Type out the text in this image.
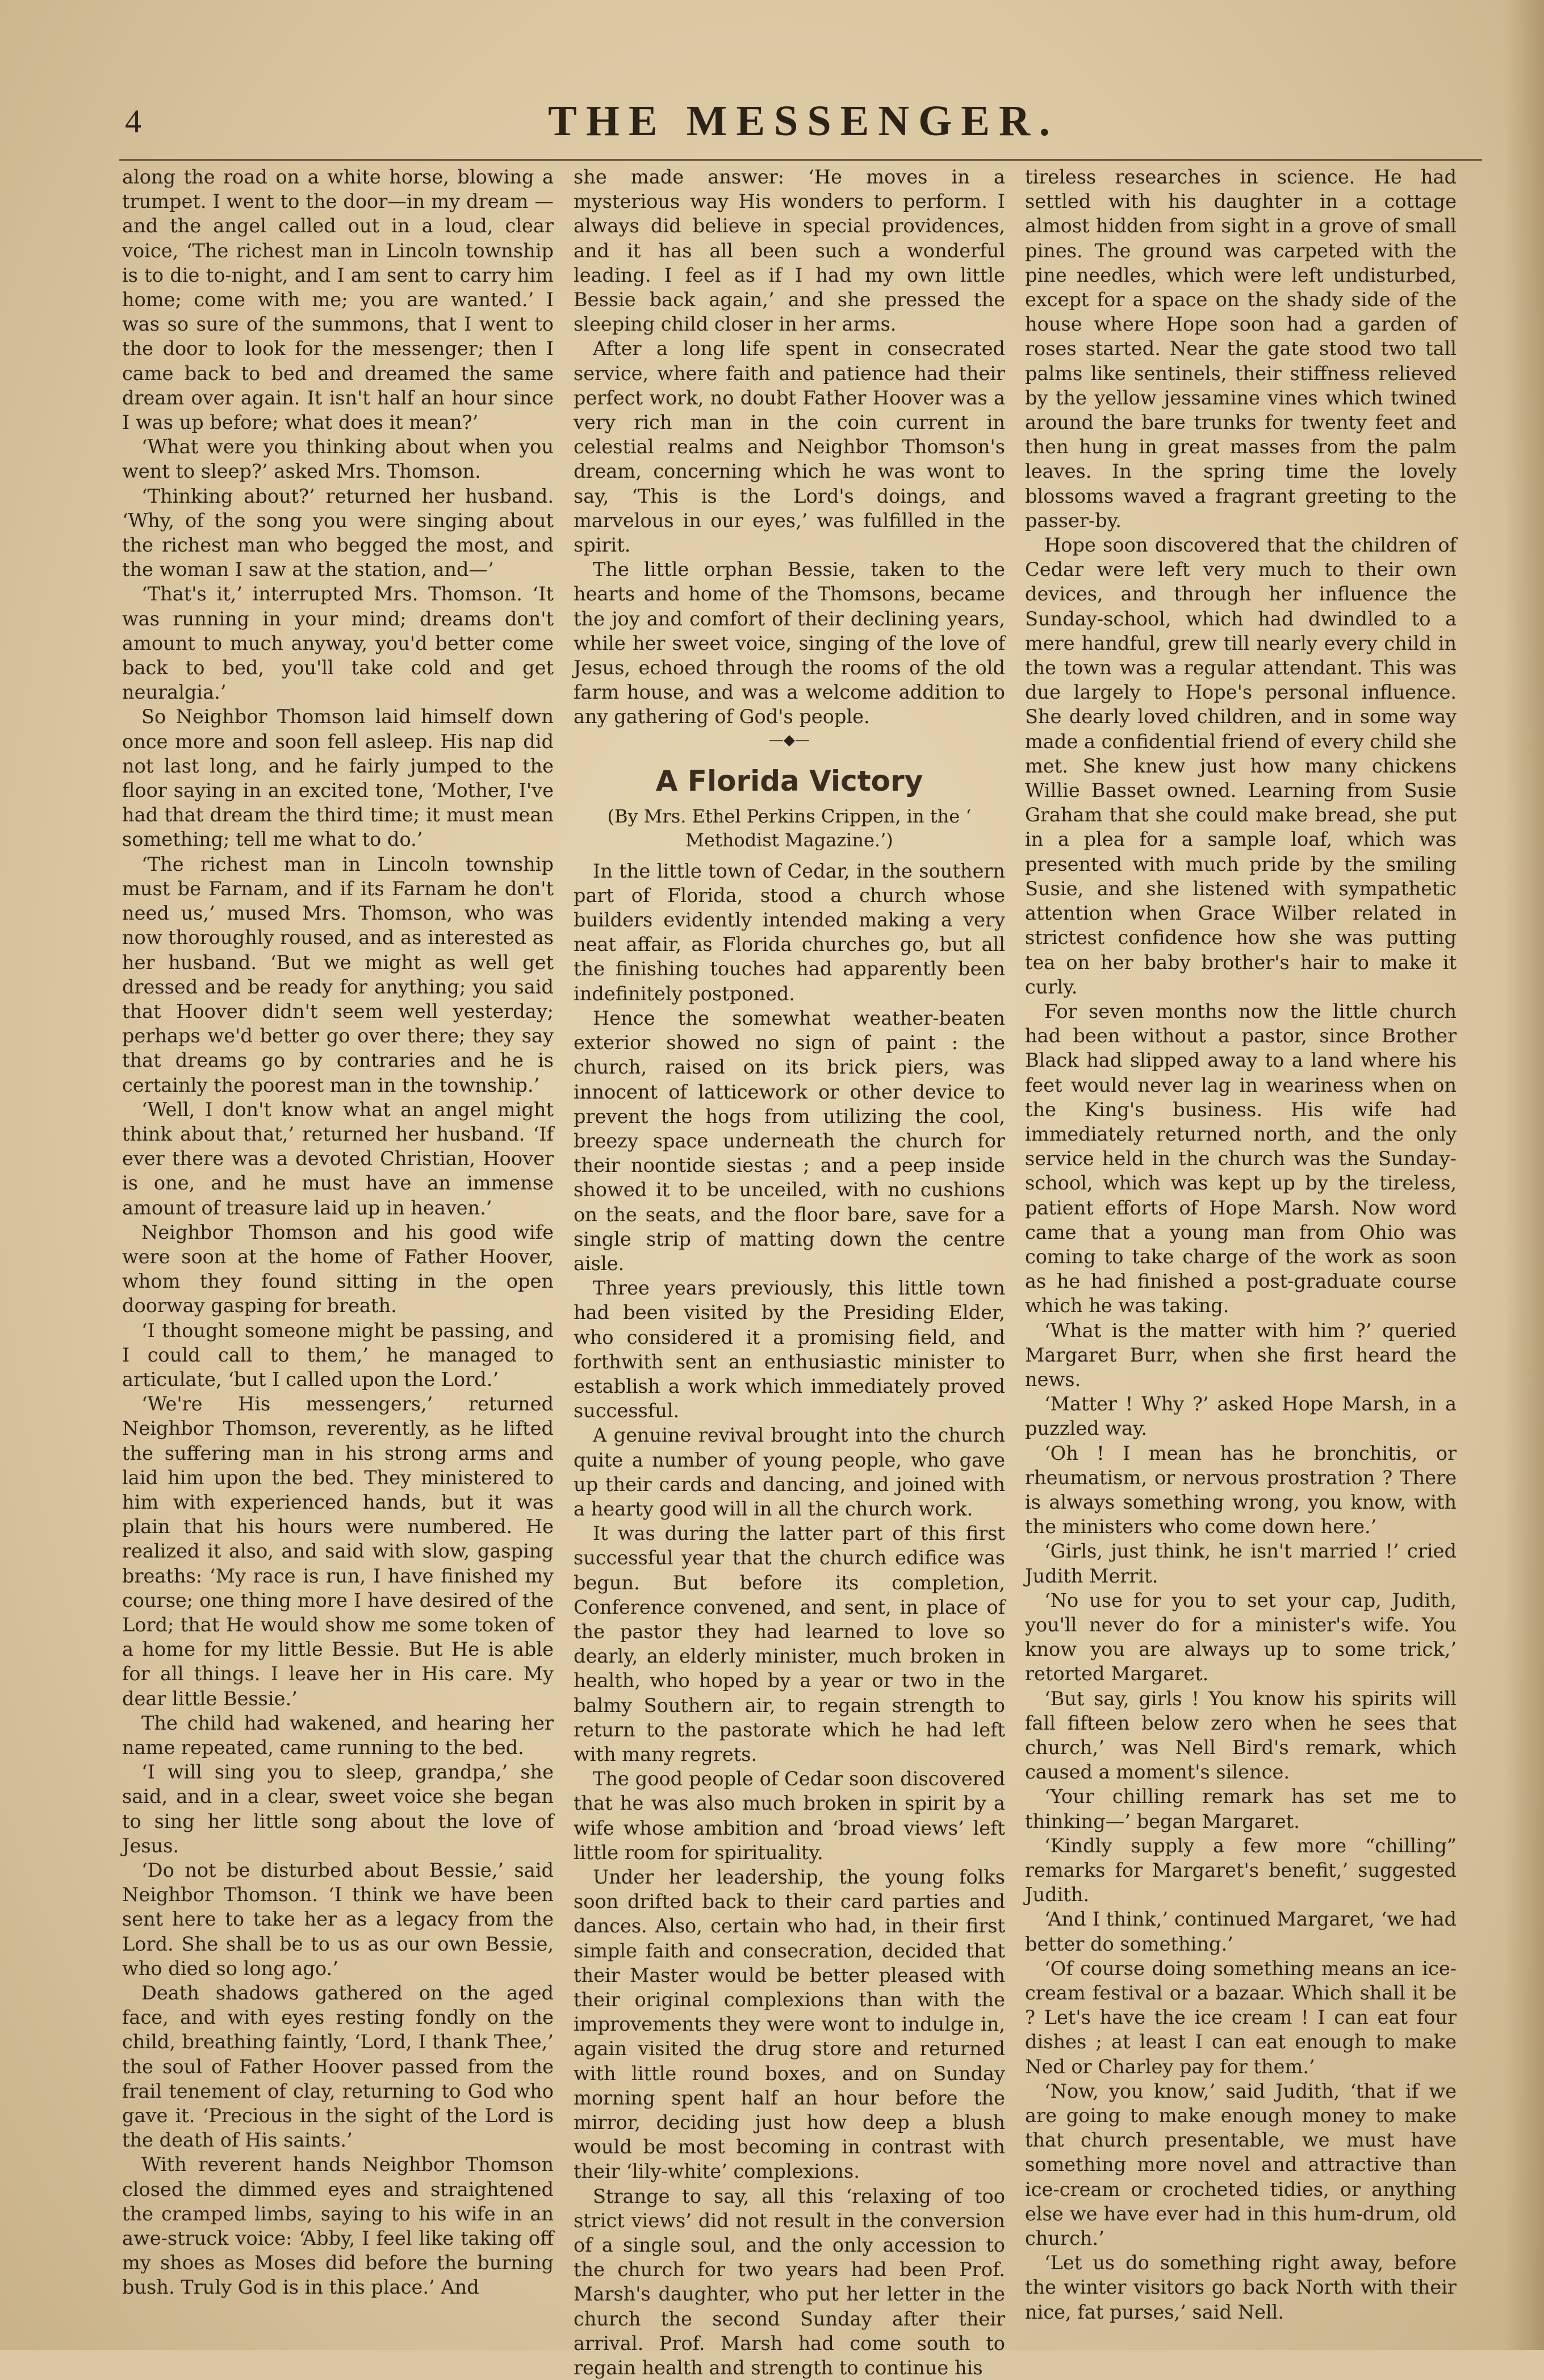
4	THE MESSENGER.

along the road on a white horse, blowing a trumpet. I went to the door—in my dream —and the angel called out in a loud, clear voice, ‘The richest man in Lincoln township is to die to-night, and I am sent to carry him home; come with me; you are wanted.’ I was so sure of the summons, that I went to the door to look for the messenger; then I came back to bed and dreamed the same dream over again. It isn't half an hour since I was up before; what does it mean?’

‘What were you thinking about when you went to sleep?’ asked Mrs. Thomson.

‘Thinking about?’ returned her husband. ‘Why, of the song you were singing about the richest man who begged the most, and the woman I saw at the station, and—’

‘That's it,’ interrupted Mrs. Thomson. ‘It was running in your mind; dreams don't amount to much anyway, you'd better come back to bed, you'll take cold and get neuralgia.’

So Neighbor Thomson laid himself down once more and soon fell asleep. His nap did not last long, and he fairly jumped to the floor saying in an excited tone, ‘Mother, I've had that dream the third time; it must mean something; tell me what to do.’

‘The richest man in Lincoln township must be Farnam, and if its Farnam he don't need us,’ mused Mrs. Thomson, who was now thoroughly roused, and as interested as her husband. ‘But we might as well get dressed and be ready for anything; you said that Hoover didn't seem well yesterday; perhaps we'd better go over there; they say that dreams go by contraries and he is certainly the poorest man in the township.’

‘Well, I don't know what an angel might think about that,’ returned her husband. ‘If ever there was a devoted Christian, Hoover is one, and he must have an immense amount of treasure laid up in heaven.’

Neighbor Thomson and his good wife were soon at the home of Father Hoover, whom they found sitting in the open doorway gasping for breath.

‘I thought someone might be passing, and I could call to them,’ he managed to articulate, ‘but I called upon the Lord.’

‘We're His messengers,’ returned Neighbor Thomson, reverently, as he lifted the suffering man in his strong arms and laid him upon the bed. They ministered to him with experienced hands, but it was plain that his hours were numbered. He realized it also, and said with slow, gasping breaths: ‘My race is run, I have finished my course; one thing more I have desired of the Lord; that He would show me some token of a home for my little Bessie. But He is able for all things. I leave her in His care. My dear little Bessie.’

The child had wakened, and hearing her name repeated, came running to the bed.

‘I will sing you to sleep, grandpa,’ she said, and in a clear, sweet voice she began to sing her little song about the love of Jesus.

‘Do not be disturbed about Bessie,’ said Neighbor Thomson. ‘I think we have been sent here to take her as a legacy from the Lord. She shall be to us as our own Bessie, who died so long ago.’

Death shadows gathered on the aged face, and with eyes resting fondly on the child, breathing faintly, ‘Lord, I thank Thee,’ the soul of Father Hoover passed from the frail tenement of clay, returning to God who gave it. ‘Precious in the sight of the Lord is the death of His saints.’

With reverent hands Neighbor Thomson closed the dimmed eyes and straightened the cramped limbs, saying to his wife in an awe-struck voice: ‘Abby, I feel like taking off my shoes as Moses did before the burning bush. Truly God is in this place.’ And

she made answer: ‘He moves in a mysterious way His wonders to perform. I always did believe in special providences, and it has all been such a wonderful leading. I feel as if I had my own little Bessie back again,’ and she pressed the sleeping child closer in her arms.

After a long life spent in consecrated service, where faith and patience had their perfect work, no doubt Father Hoover was a very rich man in the coin current in celestial realms and Neighbor Thomson's dream, concerning which he was wont to say, ‘This is the Lord's doings, and marvelous in our eyes,’ was fulfilled in the spirit.

The little orphan Bessie, taken to the hearts and home of the Thomsons, became the joy and comfort of their declining years, while her sweet voice, singing of the love of Jesus, echoed through the rooms of the old farm house, and was a welcome addition to any gathering of God's people.

—◆—
A Florida Victory
(By Mrs. Ethel Perkins Crippen, in the ‘ Methodist Magazine.’)

In the little town of Cedar, in the southern part of Florida, stood a church whose builders evidently intended making a very neat affair, as Florida churches go, but all the finishing touches had apparently been indefinitely postponed.

Hence the somewhat weather-beaten exterior showed no sign of paint : the church, raised on its brick piers, was innocent of latticework or other device to prevent the hogs from utilizing the cool, breezy space underneath the church for their noontide siestas ; and a peep inside showed it to be unceiled, with no cushions on the seats, and the floor bare, save for a single strip of matting down the centre aisle.

Three years previously, this little town had been visited by the Presiding Elder, who considered it a promising field, and forthwith sent an enthusiastic minister to establish a work which immediately proved successful.

A genuine revival brought into the church quite a number of young people, who gave up their cards and dancing, and joined with a hearty good will in all the church work.

It was during the latter part of this first successful year that the church edifice was begun. But before its completion, Conference convened, and sent, in place of the pastor they had learned to love so dearly, an elderly minister, much broken in health, who hoped by a year or two in the balmy Southern air, to regain strength to return to the pastorate which he had left with many regrets.

The good people of Cedar soon discovered that he was also much broken in spirit by a wife whose ambition and ‘broad views’ left little room for spirituality.

Under her leadership, the young folks soon drifted back to their card parties and dances. Also, certain who had, in their first simple faith and consecration, decided that their Master would be better pleased with their original complexions than with the improvements they were wont to indulge in, again visited the drug store and returned with little round boxes, and on Sunday morning spent half an hour before the mirror, deciding just how deep a blush would be most becoming in contrast with their ‘lily-white’ complexions.

Strange to say, all this ‘relaxing of too strict views’ did not result in the conversion of a single soul, and the only accession to the church for two years had been Prof. Marsh's daughter, who put her letter in the church the second Sunday after their arrival. Prof. Marsh had come south to regain health and strength to continue his

tireless researches in science. He had settled with his daughter in a cottage almost hidden from sight in a grove of small pines. The ground was carpeted with the pine needles, which were left undisturbed, except for a space on the shady side of the house where Hope soon had a garden of roses started. Near the gate stood two tall palms like sentinels, their stiffness relieved by the yellow jessamine vines which twined around the bare trunks for twenty feet and then hung in great masses from the palm leaves. In the spring time the lovely blossoms waved a fragrant greeting to the passer-by.

Hope soon discovered that the children of Cedar were left very much to their own devices, and through her influence the Sunday-school, which had dwindled to a mere handful, grew till nearly every child in the town was a regular attendant. This was due largely to Hope's personal influence. She dearly loved children, and in some way made a confidential friend of every child she met. She knew just how many chickens Willie Basset owned. Learning from Susie Graham that she could make bread, she put in a plea for a sample loaf, which was presented with much pride by the smiling Susie, and she listened with sympathetic attention when Grace Wilber related in strictest confidence how she was putting tea on her baby brother's hair to make it curly.

For seven months now the little church had been without a pastor, since Brother Black had slipped away to a land where his feet would never lag in weariness when on the King's business. His wife had immediately returned north, and the only service held in the church was the Sunday-school, which was kept up by the tireless, patient efforts of Hope Marsh. Now word came that a young man from Ohio was coming to take charge of the work as soon as he had finished a post-graduate course which he was taking.

‘What is the matter with him ?’ queried Margaret Burr, when she first heard the news.

‘Matter ! Why ?’ asked Hope Marsh, in a puzzled way.

‘Oh ! I mean has he bronchitis, or rheumatism, or nervous prostration ? There is always something wrong, you know, with the ministers who come down here.’

‘Girls, just think, he isn't married !’ cried Judith Merrit.

‘No use for you to set your cap, Judith, you'll never do for a minister's wife. You know you are always up to some trick,’ retorted Margaret.

‘But say, girls ! You know his spirits will fall fifteen below zero when he sees that church,’ was Nell Bird's remark, which caused a moment's silence.

‘Your chilling remark has set me to thinking—’ began Margaret.

‘Kindly supply a few more “chilling” remarks for Margaret's benefit,’ suggested Judith.

‘And I think,’ continued Margaret, ‘we had better do something.’

‘Of course doing something means an ice-cream festival or a bazaar. Which shall it be ? Let's have the ice cream ! I can eat four dishes ; at least I can eat enough to make Ned or Charley pay for them.’

‘Now, you know,’ said Judith, ‘that if we are going to make enough money to make that church presentable, we must have something more novel and attractive than ice-cream or crocheted tidies, or anything else we have ever had in this hum-drum, old church.’

‘Let us do something right away, before the winter visitors go back North with their nice, fat purses,’ said Nell.
